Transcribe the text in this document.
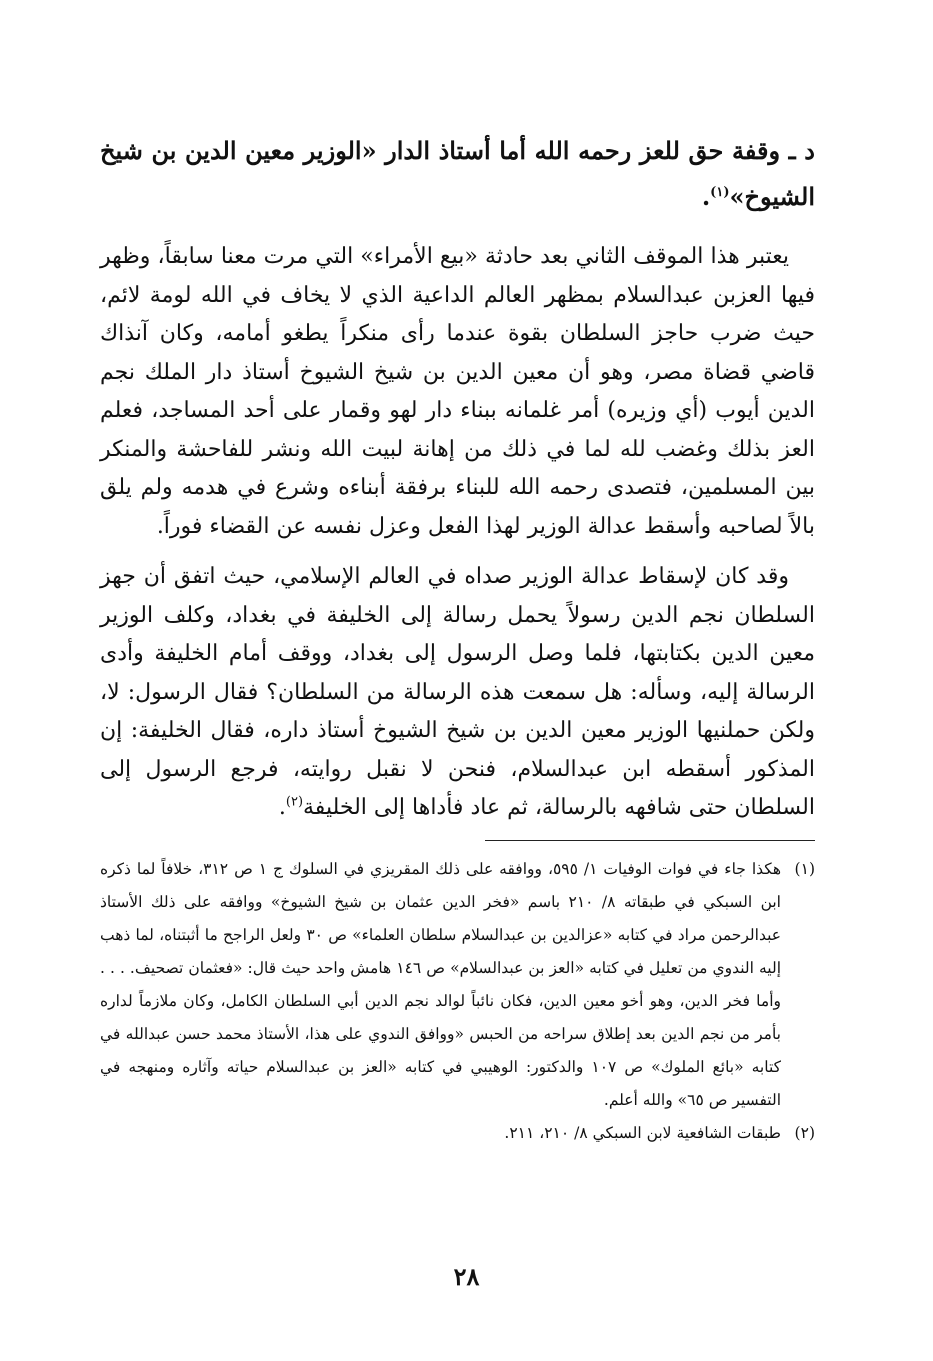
د ـ وقفة حق للعز رحمه الله أما أستاذ الدار «الوزير معين الدين بن شيخ الشيوخ»$^{(١)}$.

يعتبر هذا الموقف الثاني بعد حادثة «بيع الأمراء» التي مرت معنا سابقاً، وظهر فيها العزبن عبدالسلام بمظهر العالم الداعية الذي لا يخاف في الله لومة لائم، حيث ضرب حاجز السلطان بقوة عندما رأى منكراً يطغو أمامه، وكان آنذاك قاضي قضاة مصر، وهو أن معين الدين بن شيخ الشيوخ أستاذ دار الملك نجم الدين أيوب (أي وزيره) أمر غلمانه ببناء دار لهو وقمار على أحد المساجد، فعلم العز بذلك وغضب لله لما في ذلك من إهانة لبيت الله ونشر للفاحشة والمنكر بين المسلمين، فتصدى رحمه الله للبناء برفقة أبناءه وشرع في هدمه ولم يلق بالاً لصاحبه وأسقط عدالة الوزير لهذا الفعل وعزل نفسه عن القضاء فوراً.

وقد كان لإسقاط عدالة الوزير صداه في العالم الإسلامي، حيث اتفق أن جهز السلطان نجم الدين رسولاً يحمل رسالة إلى الخليفة في بغداد، وكلف الوزير معين الدين بكتابتها، فلما وصل الرسول إلى بغداد، ووقف أمام الخليفة وأدى الرسالة إليه، وسأله: هل سمعت هذه الرسالة من السلطان؟ فقال الرسول: لا، ولكن حملنيها الوزير معين الدين بن شيخ الشيوخ أستاذ داره، فقال الخليفة: إن المذكور أسقطه ابن عبدالسلام، فنحن لا نقبل روايته، فرجع الرسول إلى السلطان حتى شافهه بالرسالة، ثم عاد فأداها إلى الخليفة$^{(٢)}$.

(١)
هكذا جاء في فوات الوفيات ١/ ٥٩٥، ووافقه على ذلك المقريزي في السلوك ج ١ ص ٣١٢، خلافاً لما ذكره ابن السبكي في طبقاته ٨/ ٢١٠ باسم «فخر الدين عثمان بن شيخ الشيوخ» ووافقه على ذلك الأستاذ عبدالرحمن مراد في كتابه «عزالدين بن عبدالسلام سلطان العلماء» ص ٣٠ ولعل الراجح ما أثبتناه، لما ذهب إليه الندوي من تعليل في كتابه «العز بن عبدالسلام» ص ١٤٦ هامش واحد حيث قال: «فعثمان تصحيف. . . . وأما فخر الدين، وهو أخو معين الدين، فكان نائباً لوالد نجم الدين أبي السلطان الكامل، وكان ملازماً لداره بأمر من نجم الدين بعد إطلاق سراحه من الحبس «ووافق الندوي على هذا، الأستاذ محمد حسن عبدالله في كتابه «بائع الملوك» ص ١٠٧ والدكتور: الوهيبي في كتابه «العز بن عبدالسلام حياته وآثاره ومنهجه في التفسير ص ٦٥» والله أعلم.
(٢)
طبقات الشافعية لابن السبكي ٨/ ٢١٠، ٢١١.
٢٨
